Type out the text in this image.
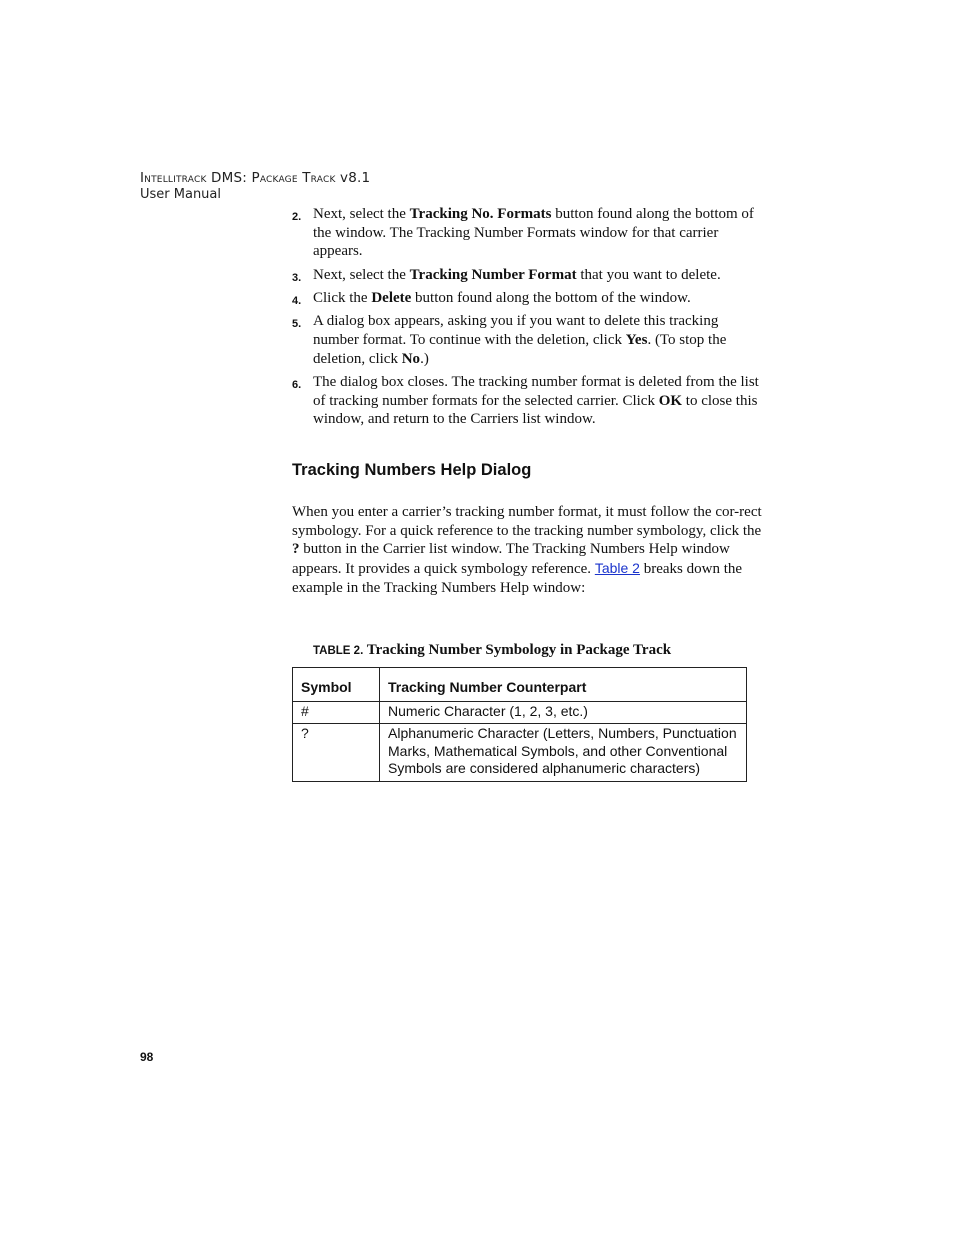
Intellitrack DMS: Package Track v8.1
User Manual
2. Next, select the Tracking No. Formats button found along the bottom of the window. The Tracking Number Formats window for that carrier appears.
3. Next, select the Tracking Number Format that you want to delete.
4. Click the Delete button found along the bottom of the window.
5. A dialog box appears, asking you if you want to delete this tracking number format. To continue with the deletion, click Yes. (To stop the deletion, click No.)
6. The dialog box closes. The tracking number format is deleted from the list of tracking number formats for the selected carrier. Click OK to close this window, and return to the Carriers list window.
Tracking Numbers Help Dialog
When you enter a carrier’s tracking number format, it must follow the cor-rect symbology. For a quick reference to the tracking number symbology, click the ? button in the Carrier list window. The Tracking Numbers Help window appears. It provides a quick symbology reference. Table 2 breaks down the example in the Tracking Numbers Help window:
TABLE 2. Tracking Number Symbology in Package Track
Symbol	Tracking Number Counterpart
#	Numeric Character (1, 2, 3, etc.)
?	Alphanumeric Character (Letters, Numbers, Punctuation Marks, Mathematical Symbols, and other Conventional Symbols are considered alphanumeric characters)
98
